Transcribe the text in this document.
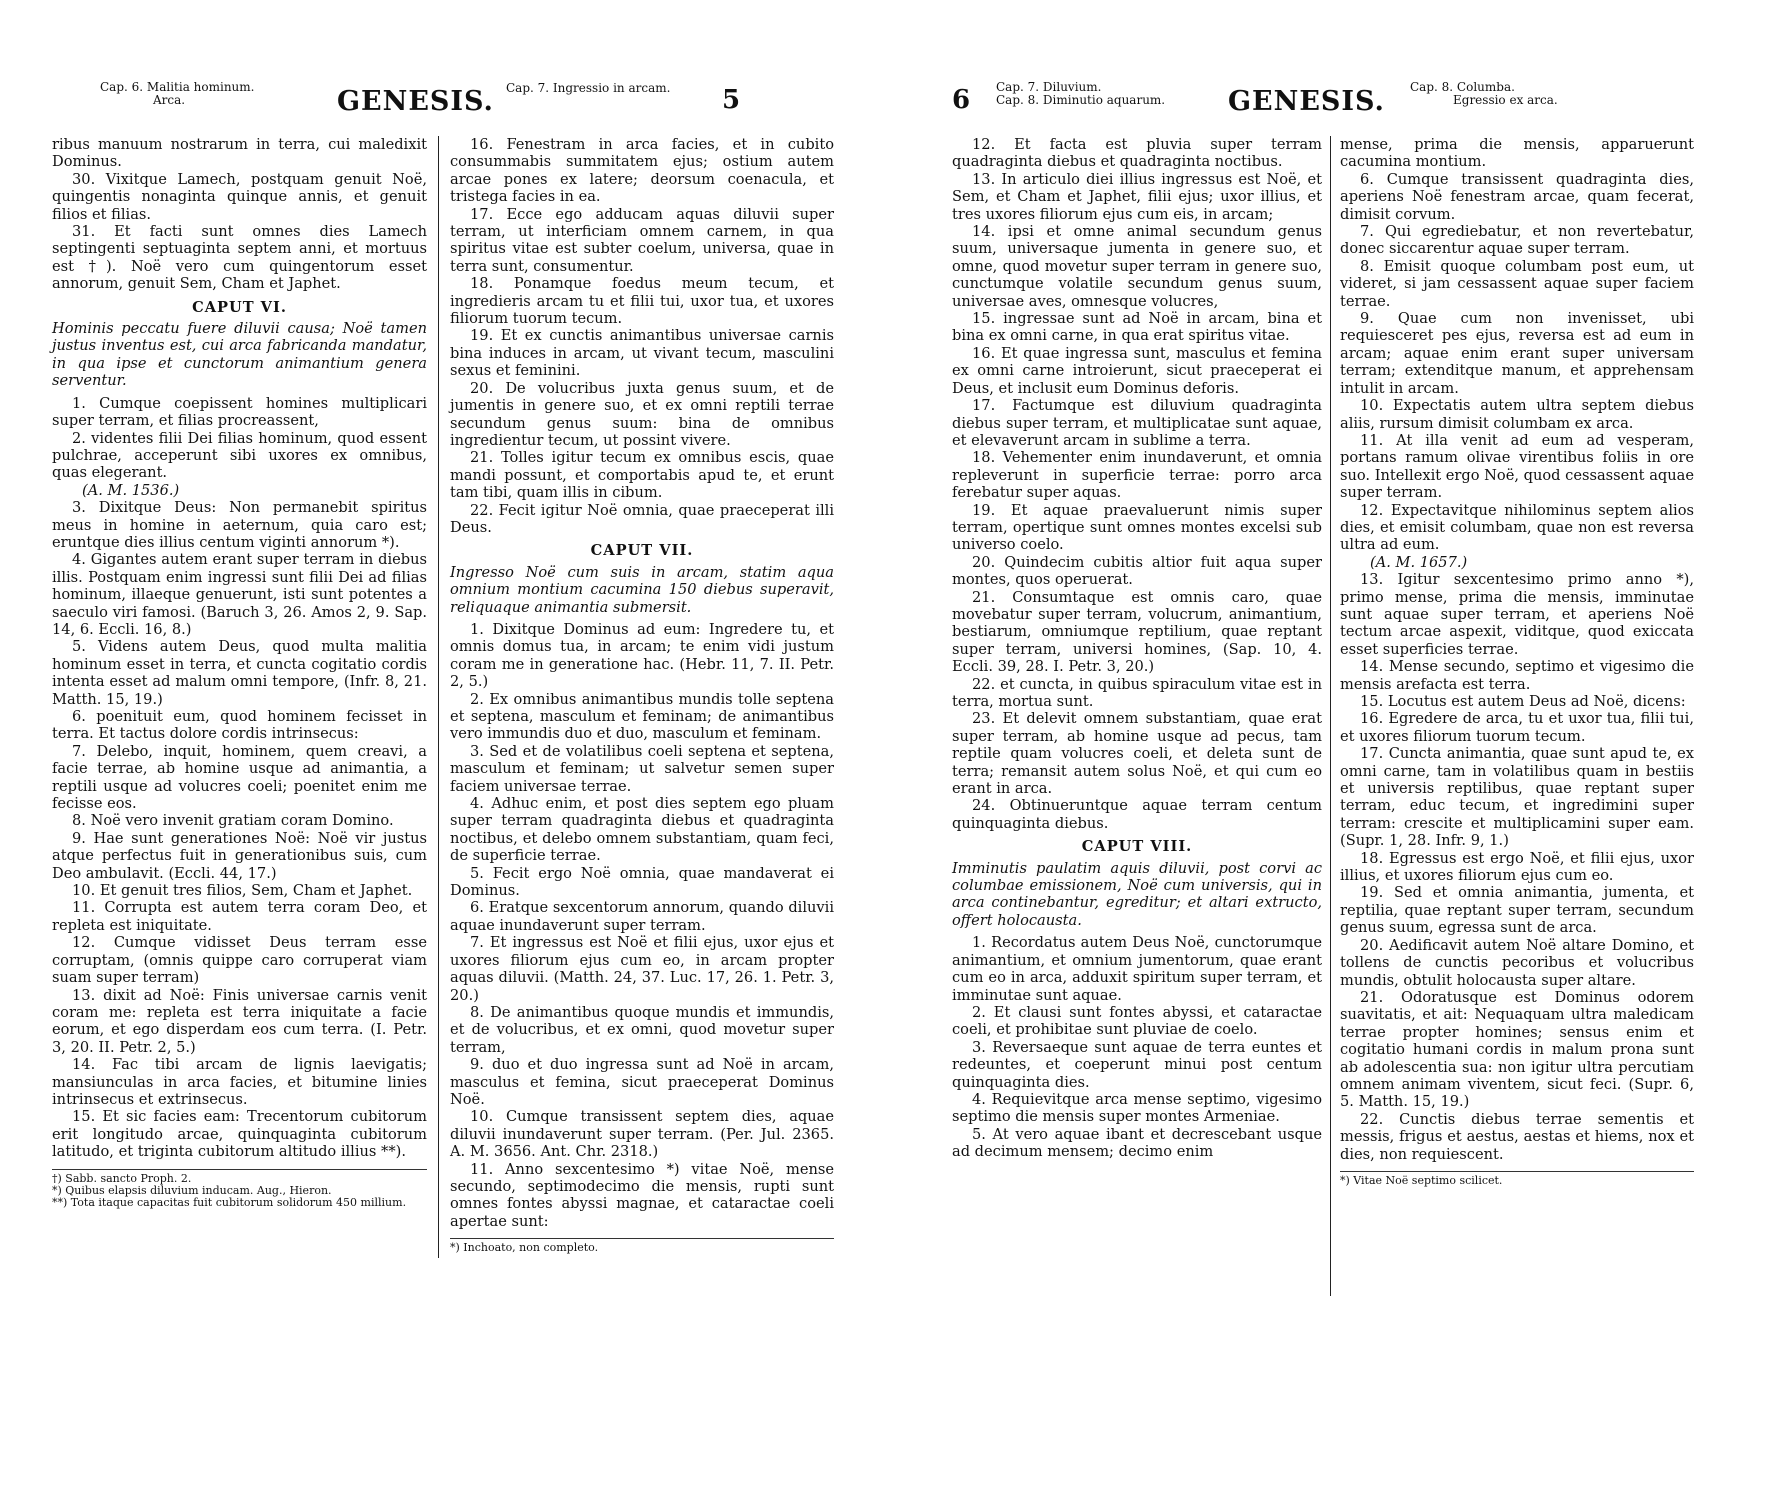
Cap. 6. Malitia hominum.
Arca.	GENESIS. Cap. 7. Ingressio in arcam. 5

ribus manuum nostrarum in terra, cui maledixit Dominus.

30. Vixitque Lamech, postquam genuit Noë, quingentis nonaginta quinque annis, et genuit filios et filias.

31. Et facti sunt omnes dies Lamech septingenti septuaginta septem anni, et mortuus est †). Noë vero cum quingentorum esset annorum, genuit Sem, Cham et Japhet.

CAPUT VI.

Hominis peccatu fuere diluvii causa; Noë tamen justus inventus est, cui arca fabricanda mandatur, in qua ipse et cunctorum animantium genera serventur.

1. Cumque coepissent homines multiplicari super terram, et filias procreassent,

2. videntes filii Dei filias hominum, quod essent pulchrae, acceperunt sibi uxores ex omnibus, quas elegerant.

(A. M. 1536.)

3. Dixitque Deus: Non permanebit spiritus meus in homine in aeternum, quia caro est; eruntque dies illius centum viginti annorum *).

4. Gigantes autem erant super terram in diebus illis. Postquam enim ingressi sunt filii Dei ad filias hominum, illaeque genuerunt, isti sunt potentes a saeculo viri famosi. (Baruch 3, 26. Amos 2, 9. Sap. 14, 6. Eccli. 16, 8.)

5. Videns autem Deus, quod multa malitia hominum esset in terra, et cuncta cogitatio cordis intenta esset ad malum omni tempore, (Infr. 8, 21. Matth. 15, 19.)

6. poenituit eum, quod hominem fecisset in terra. Et tactus dolore cordis intrinsecus:

7. Delebo, inquit, hominem, quem creavi, a facie terrae, ab homine usque ad animantia, a reptili usque ad volucres coeli; poenitet enim me fecisse eos.

8. Noë vero invenit gratiam coram Domino.

9. Hae sunt generationes Noë: Noë vir justus atque perfectus fuit in generationibus suis, cum Deo ambulavit. (Eccli. 44, 17.)

10. Et genuit tres filios, Sem, Cham et Japhet.

11. Corrupta est autem terra coram Deo, et repleta est iniquitate.

12. Cumque vidisset Deus terram esse corruptam, (omnis quippe caro corruperat viam suam super terram)

13. dixit ad Noë: Finis universae carnis venit coram me: repleta est terra iniquitate a facie eorum, et ego disperdam eos cum terra. (I. Petr. 3, 20. II. Petr. 2, 5.)

14. Fac tibi arcam de lignis laevigatis; mansiunculas in arca facies, et bitumine linies intrinsecus et extrinsecus.

15. Et sic facies eam: Trecentorum cubitorum erit longitudo arcae, quinquaginta cubitorum latitudo, et triginta cubitorum altitudo illius **).

†) Sabb. sancto Proph. 2.

*) Quibus elapsis diluvium inducam. Aug., Hieron.

**) Tota itaque capacitas fuit cubitorum solidorum 450 millium.

16. Fenestram in arca facies, et in cubito consummabis summitatem ejus; ostium autem arcae pones ex latere; deorsum coenacula, et tristega facies in ea.

17. Ecce ego adducam aquas diluvii super terram, ut interficiam omnem carnem, in qua spiritus vitae est subter coelum, universa, quae in terra sunt, consumentur.

18. Ponamque foedus meum tecum, et ingredieris arcam tu et filii tui, uxor tua, et uxores filiorum tuorum tecum.

19. Et ex cunctis animantibus universae carnis bina induces in arcam, ut vivant tecum, masculini sexus et feminini.

20. De volucribus juxta genus suum, et de jumentis in genere suo, et ex omni reptili terrae secundum genus suum: bina de omnibus ingredientur tecum, ut possint vivere.

21. Tolles igitur tecum ex omnibus escis, quae mandi possunt, et comportabis apud te, et erunt tam tibi, quam illis in cibum.

22. Fecit igitur Noë omnia, quae praeceperat illi Deus.

CAPUT VII.

Ingresso Noë cum suis in arcam, statim aqua omnium montium cacumina 150 diebus superavit, reliquaque animantia submersit.

1. Dixitque Dominus ad eum: Ingredere tu, et omnis domus tua, in arcam; te enim vidi justum coram me in generatione hac. (Hebr. 11, 7. II. Petr. 2, 5.)

2. Ex omnibus animantibus mundis tolle septena et septena, masculum et feminam; de animantibus vero immundis duo et duo, masculum et feminam.

3. Sed et de volatilibus coeli septena et septena, masculum et feminam; ut salvetur semen super faciem universae terrae.

4. Adhuc enim, et post dies septem ego pluam super terram quadraginta diebus et quadraginta noctibus, et delebo omnem substantiam, quam feci, de superficie terrae.

5. Fecit ergo Noë omnia, quae mandaverat ei Dominus.

6. Eratque sexcentorum annorum, quando diluvii aquae inundaverunt super terram.

7. Et ingressus est Noë et filii ejus, uxor ejus et uxores filiorum ejus cum eo, in arcam propter aquas diluvii. (Matth. 24, 37. Luc. 17, 26. 1. Petr. 3, 20.)

8. De animantibus quoque mundis et immundis, et de volucribus, et ex omni, quod movetur super terram,

9. duo et duo ingressa sunt ad Noë in arcam, masculus et femina, sicut praeceperat Dominus Noë.

10. Cumque transissent septem dies, aquae diluvii inundaverunt super terram. (Per. Jul. 2365. A. M. 3656. Ant. Chr. 2318.)

11. Anno sexcentesimo *) vitae Noë, mense secundo, septimodecimo die mensis, rupti sunt omnes fontes abyssi magnae, et cataractae coeli apertae sunt:

*) Inchoato, non completo.

6 Cap. 7. Diluvium.
Cap. 8. Diminutio aquarum. GENESIS. Cap. 8. Columba.
Egressio ex arca.

12. Et facta est pluvia super terram quadraginta diebus et quadraginta noctibus.

13. In articulo diei illius ingressus est Noë, et Sem, et Cham et Japhet, filii ejus; uxor illius, et tres uxores filiorum ejus cum eis, in arcam;

14. ipsi et omne animal secundum genus suum, universaque jumenta in genere suo, et omne, quod movetur super terram in genere suo, cunctumque volatile secundum genus suum, universae aves, omnesque volucres,

15. ingressae sunt ad Noë in arcam, bina et bina ex omni carne, in qua erat spiritus vitae.

16. Et quae ingressa sunt, masculus et femina ex omni carne introierunt, sicut praeceperat ei Deus, et inclusit eum Dominus deforis.

17. Factumque est diluvium quadraginta diebus super terram, et multiplicatae sunt aquae, et elevaverunt arcam in sublime a terra.

18. Vehementer enim inundaverunt, et omnia repleverunt in superficie terrae: porro arca ferebatur super aquas.

19. Et aquae praevaluerunt nimis super terram, opertique sunt omnes montes excelsi sub universo coelo.

20. Quindecim cubitis altior fuit aqua super montes, quos operuerat.

21. Consumtaque est omnis caro, quae movebatur super terram, volucrum, animantium, bestiarum, omniumque reptilium, quae reptant super terram, universi homines, (Sap. 10, 4. Eccli. 39, 28. I. Petr. 3, 20.)

22. et cuncta, in quibus spiraculum vitae est in terra, mortua sunt.

23. Et delevit omnem substantiam, quae erat super terram, ab homine usque ad pecus, tam reptile quam volucres coeli, et deleta sunt de terra; remansit autem solus Noë, et qui cum eo erant in arca.

24. Obtinueruntque aquae terram centum quinquaginta diebus.

CAPUT VIII.

Imminutis paulatim aquis diluvii, post corvi ac columbae emissionem, Noë cum universis, qui in arca continebantur, egreditur; et altari extructo, offert holocausta.

1. Recordatus autem Deus Noë, cunctorumque animantium, et omnium jumentorum, quae erant cum eo in arca, adduxit spiritum super terram, et imminutae sunt aquae.

2. Et clausi sunt fontes abyssi, et cataractae coeli, et prohibitae sunt pluviae de coelo.

3. Reversaeque sunt aquae de terra euntes et redeuntes, et coeperunt minui post centum quinquaginta dies.

4. Requievitque arca mense septimo, vigesimo septimo die mensis super montes Armeniae.

5. At vero aquae ibant et decrescebant usque ad decimum mensem; decimo enim

mense, prima die mensis, apparuerunt cacumina montium.

6. Cumque transissent quadraginta dies, aperiens Noë fenestram arcae, quam fecerat, dimisit corvum.

7. Qui egrediebatur, et non revertebatur, donec siccarentur aquae super terram.

8. Emisit quoque columbam post eum, ut videret, si jam cessassent aquae super faciem terrae.

9. Quae cum non invenisset, ubi requiesceret pes ejus, reversa est ad eum in arcam; aquae enim erant super universam terram; extenditque manum, et apprehensam intulit in arcam.

10. Expectatis autem ultra septem diebus aliis, rursum dimisit columbam ex arca.

11. At illa venit ad eum ad vesperam, portans ramum olivae virentibus foliis in ore suo. Intellexit ergo Noë, quod cessassent aquae super terram.

12. Expectavitque nihilominus septem alios dies, et emisit columbam, quae non est reversa ultra ad eum.

(A. M. 1657.)

13. Igitur sexcentesimo primo anno *), primo mense, prima die mensis, imminutae sunt aquae super terram, et aperiens Noë tectum arcae aspexit, viditque, quod exiccata esset superficies terrae.

14. Mense secundo, septimo et vigesimo die mensis arefacta est terra.

15. Locutus est autem Deus ad Noë, dicens:

16. Egredere de arca, tu et uxor tua, filii tui, et uxores filiorum tuorum tecum.

17. Cuncta animantia, quae sunt apud te, ex omni carne, tam in volatilibus quam in bestiis et universis reptilibus, quae reptant super terram, educ tecum, et ingredimini super terram: crescite et multiplicamini super eam. (Supr. 1, 28. Infr. 9, 1.)

18. Egressus est ergo Noë, et filii ejus, uxor illius, et uxores filiorum ejus cum eo.

19. Sed et omnia animantia, jumenta, et reptilia, quae reptant super terram, secundum genus suum, egressa sunt de arca.

20. Aedificavit autem Noë altare Domino, et tollens de cunctis pecoribus et volucribus mundis, obtulit holocausta super altare.

21. Odoratusque est Dominus odorem suavitatis, et ait: Nequaquam ultra maledicam terrae propter homines; sensus enim et cogitatio humani cordis in malum prona sunt ab adolescentia sua: non igitur ultra percutiam omnem animam viventem, sicut feci. (Supr. 6, 5. Matth. 15, 19.)

22. Cunctis diebus terrae sementis et messis, frigus et aestus, aestas et hiems, nox et dies, non requiescent.

*) Vitae Noë septimo scilicet.
